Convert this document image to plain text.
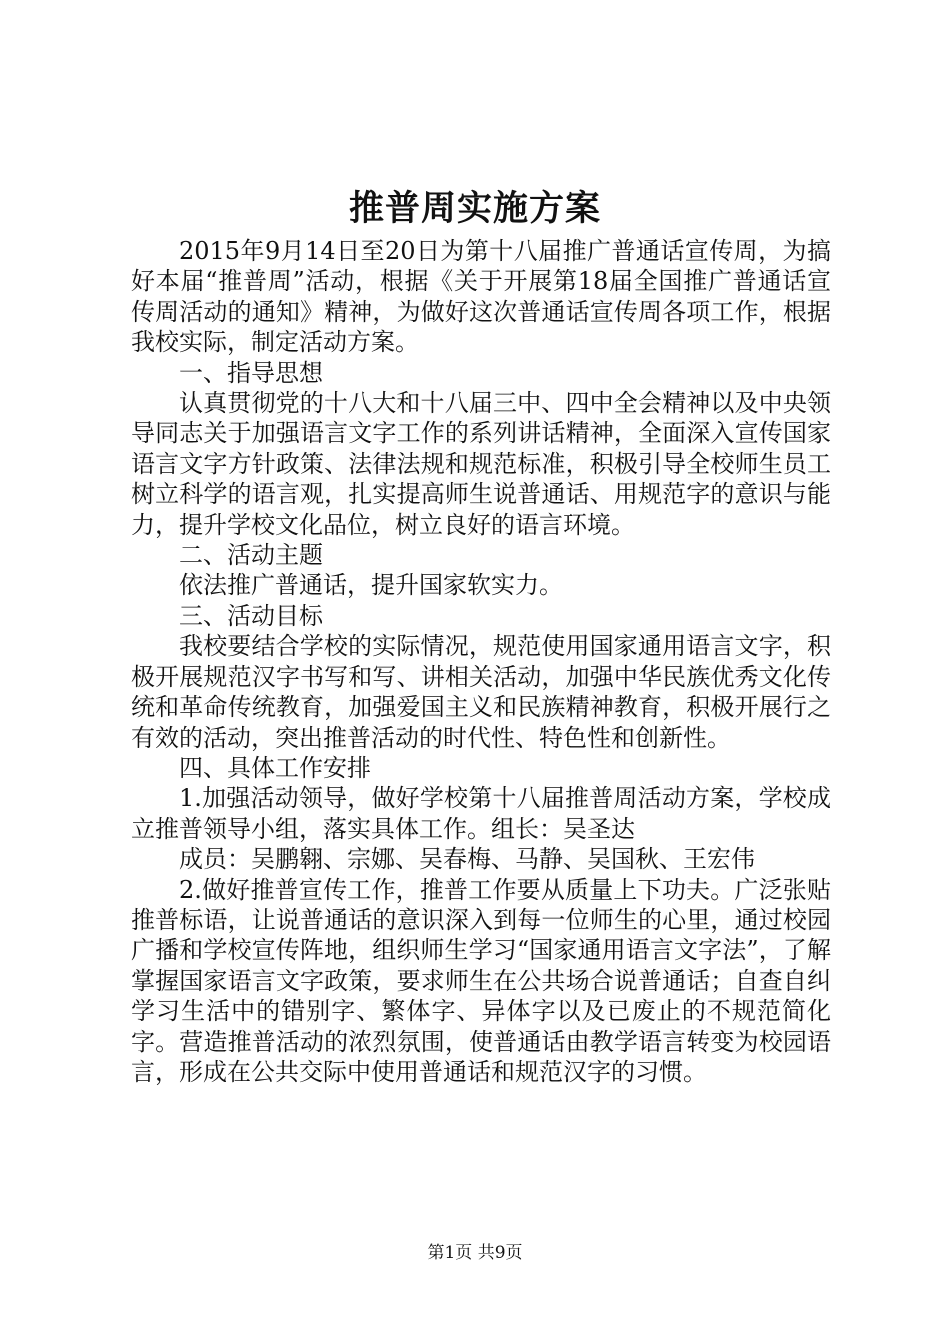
推普周实施方案

2015年9月14日至20日为第十八届推广普通话宣传周，为搞好本届“推普周”活动，根据《关于开展第18届全国推广普通话宣传周活动的通知》精神，为做好这次普通话宣传周各项工作，根据我校实际，制定活动方案。

一、指导思想

认真贯彻党的十八大和十八届三中、四中全会精神以及中央领导同志关于加强语言文字工作的系列讲话精神，全面深入宣传国家语言文字方针政策、法律法规和规范标准，积极引导全校师生员工树立科学的语言观，扎实提高师生说普通话、用规范字的意识与能力，提升学校文化品位，树立良好的语言环境。

二、活动主题

依法推广普通话，提升国家软实力。

三、活动目标

我校要结合学校的实际情况，规范使用国家通用语言文字，积极开展规范汉字书写和写、讲相关活动，加强中华民族优秀文化传统和革命传统教育，加强爱国主义和民族精神教育，积极开展行之有效的活动，突出推普活动的时代性、特色性和创新性。

四、具体工作安排

1.加强活动领导，做好学校第十八届推普周活动方案，学校成立推普领导小组，落实具体工作。组长：吴圣达

成员：吴鹏翱、宗娜、吴春梅、马静、吴国秋、王宏伟

2.做好推普宣传工作，推普工作要从质量上下功夫。广泛张贴推普标语，让说普通话的意识深入到每一位师生的心里，通过校园广播和学校宣传阵地，组织师生学习“国家通用语言文字法”，了解掌握国家语言文字政策，要求师生在公共场合说普通话；自查自纠学习生活中的错别字、繁体字、异体字以及已废止的不规范简化字。营造推普活动的浓烈氛围，使普通话由教学语言转变为校园语言，形成在公共交际中使用普通话和规范汉字的习惯。

第1页 共9页
